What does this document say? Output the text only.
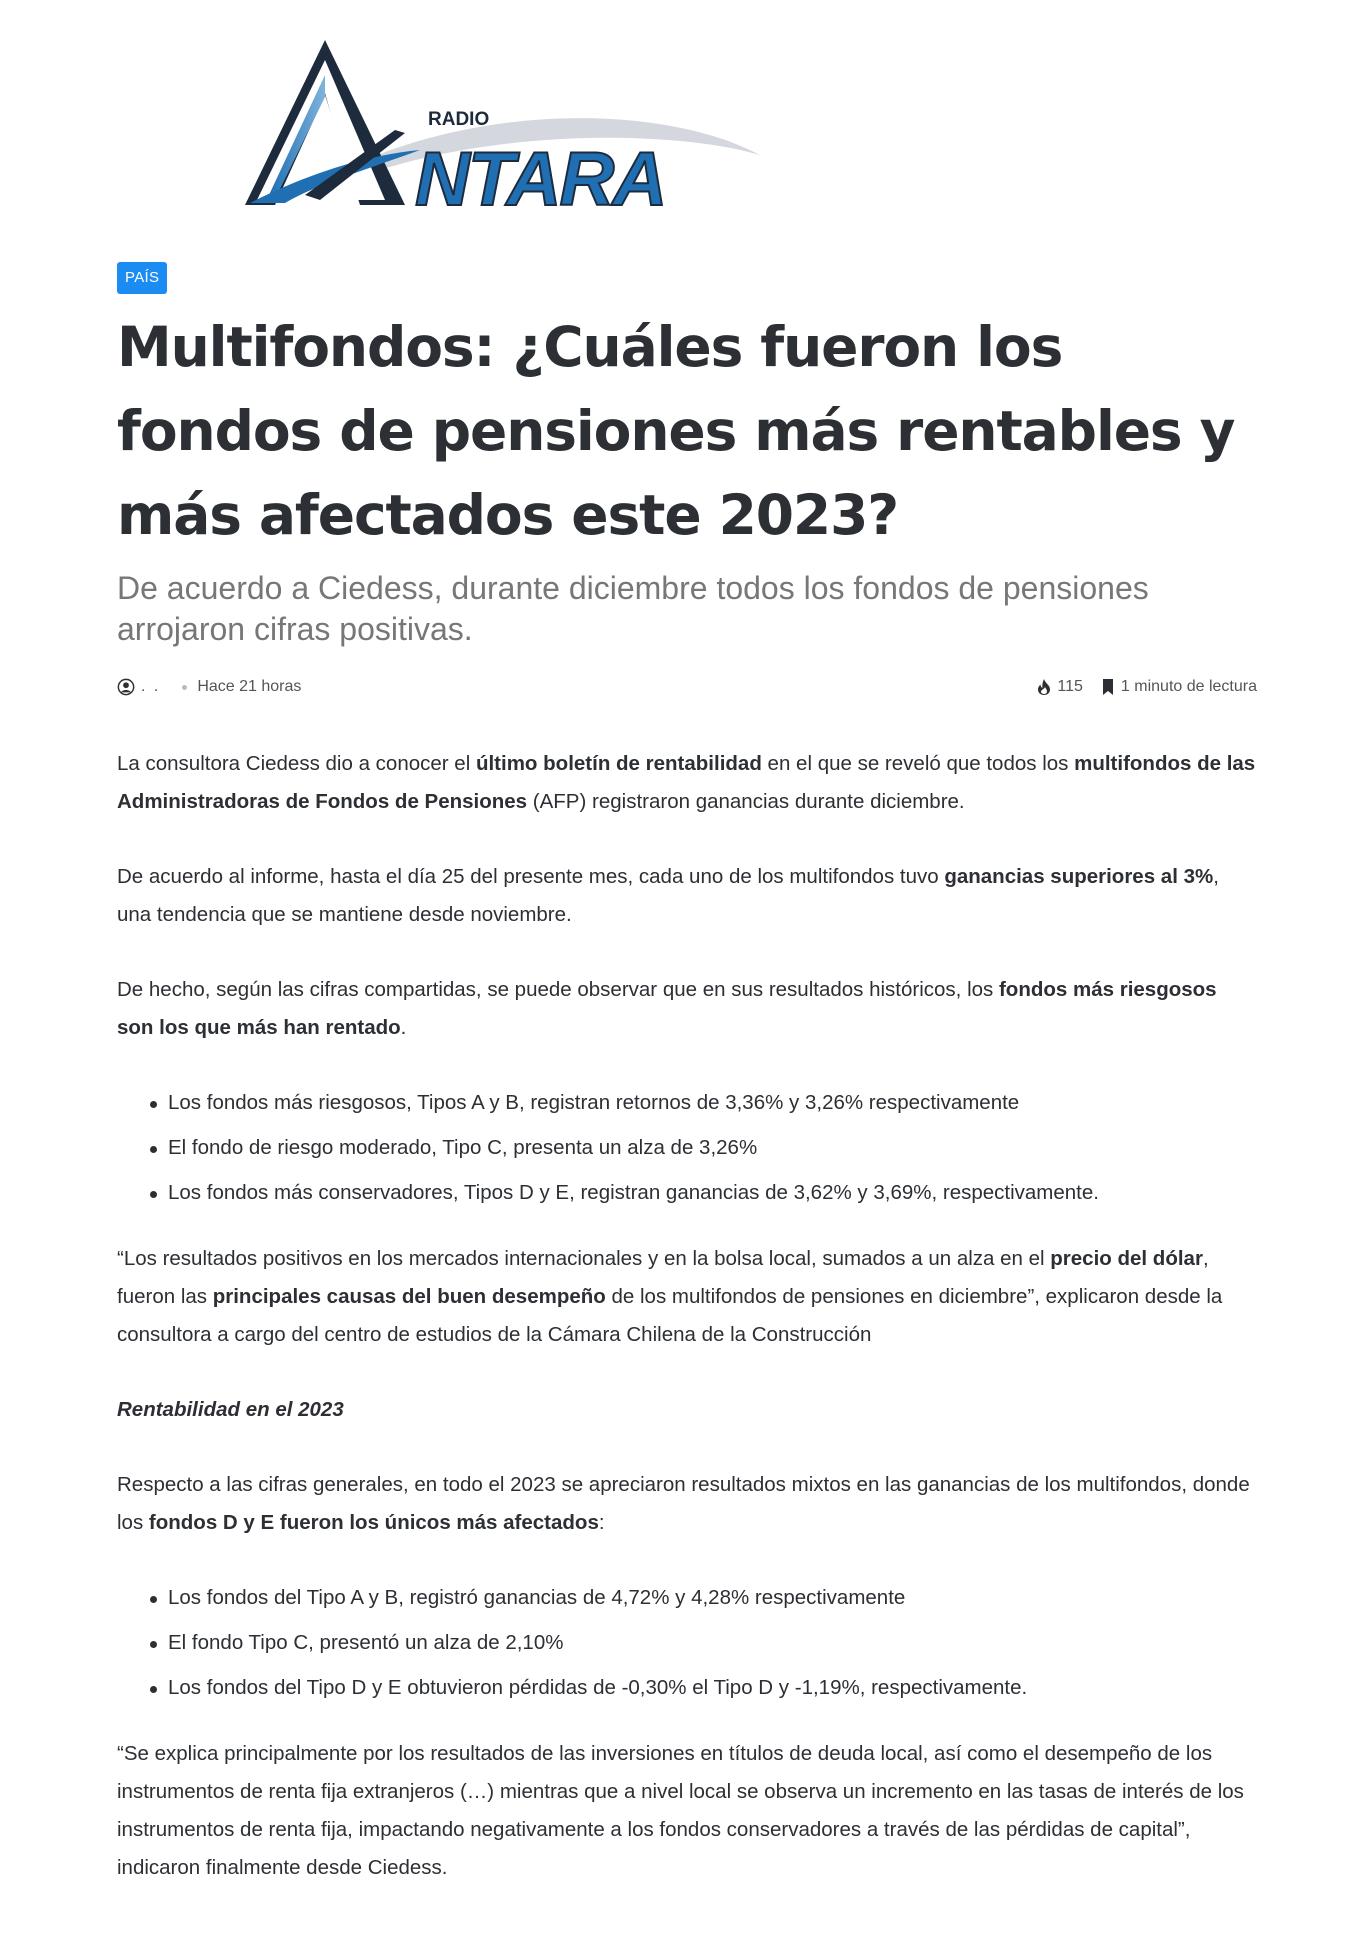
RADIO
NTARA
PAÍS
Multifondos: ¿Cuáles fueron los
fondos de pensiones más rentables y
más afectados este 2023?
De acuerdo a Ciedess, durante diciembre todos los fondos de pensiones
arrojaron cifras positivas.
. . Hace 21 horas	115 1 minuto de lectura

La consultora Ciedess dio a conocer el último boletín de rentabilidad en el que se reveló que todos los multifondos de las Administradoras de Fondos de Pensiones (AFP) registraron ganancias durante diciembre.

De acuerdo al informe, hasta el día 25 del presente mes, cada uno de los multifondos tuvo ganancias superiores al 3%, una tendencia que se mantiene desde noviembre.

De hecho, según las cifras compartidas, se puede observar que en sus resultados históricos, los fondos más riesgosos son los que más han rentado.

Los fondos más riesgosos, Tipos A y B, registran retornos de 3,36% y 3,26% respectivamente
El fondo de riesgo moderado, Tipo C, presenta un alza de 3,26%
Los fondos más conservadores, Tipos D y E, registran ganancias de 3,62% y 3,69%, respectivamente.

“Los resultados positivos en los mercados internacionales y en la bolsa local, sumados a un alza en el precio del dólar, fueron las principales causas del buen desempeño de los multifondos de pensiones en diciembre”, explicaron desde la consultora a cargo del centro de estudios de la Cámara Chilena de la Construcción

Rentabilidad en el 2023

Respecto a las cifras generales, en todo el 2023 se apreciaron resultados mixtos en las ganancias de los multifondos, donde los fondos D y E fueron los únicos más afectados:

Los fondos del Tipo A y B, registró ganancias de 4,72% y 4,28% respectivamente
El fondo Tipo C, presentó un alza de 2,10%
Los fondos del Tipo D y E obtuvieron pérdidas de -0,30% el Tipo D y -1,19%, respectivamente.

“Se explica principalmente por los resultados de las inversiones en títulos de deuda local, así como el desempeño de los instrumentos de renta fija extranjeros (…) mientras que a nivel local se observa un incremento en las tasas de interés de los instrumentos de renta fija, impactando negativamente a los fondos conservadores a través de las pérdidas de capital”, indicaron finalmente desde Ciedess.
